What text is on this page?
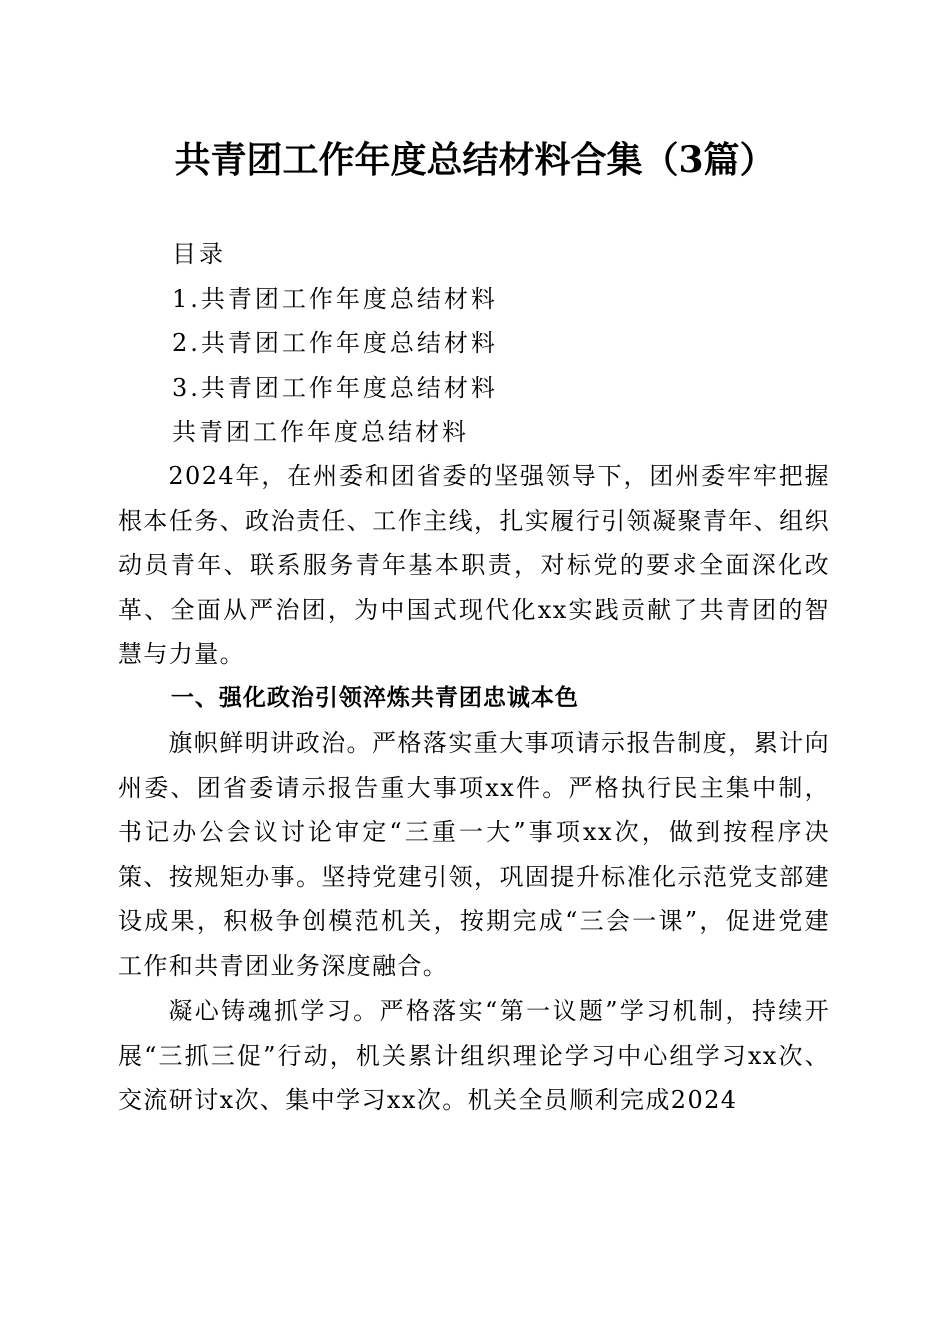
共青团工作年度总结材料合集（3篇）
目录
1.共青团工作年度总结材料
2.共青团工作年度总结材料
3.共青团工作年度总结材料

共青团工作年度总结材料

2024年，在州委和团省委的坚强领导下，团州委牢牢把握根本任务、政治责任、工作主线，扎实履行引领凝聚青年、组织动员青年、联系服务青年基本职责，对标党的要求全面深化改革、全面从严治团，为中国式现代化xx实践贡献了共青团的智慧与力量。

一、强化政治引领淬炼共青团忠诚本色

旗帜鲜明讲政治。严格落实重大事项请示报告制度，累计向州委、团省委请示报告重大事项xx件。严格执行民主集中制，书记办公会议讨论审定“三重一大”事项xx次，做到按程序决策、按规矩办事。坚持党建引领，巩固提升标准化示范党支部建设成果，积极争创模范机关，按期完成“三会一课”，促进党建工作和共青团业务深度融合。

凝心铸魂抓学习。严格落实“第一议题”学习机制，持续开展“三抓三促”行动，机关累计组织理论学习中心组学习xx次、交流研讨x次、集中学习xx次。机关全员顺利完成2024
